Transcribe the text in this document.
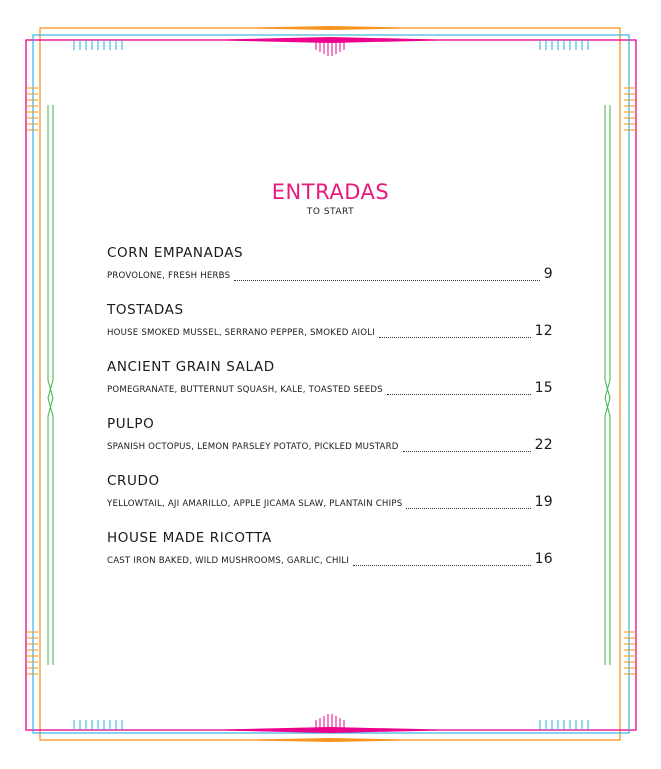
ENTRADAS
TO START
CORN EMPANADAS
PROVOLONE, FRESH HERBS	9
TOSTADAS
HOUSE SMOKED MUSSEL, SERRANO PEPPER, SMOKED AIOLI	12
ANCIENT GRAIN SALAD
POMEGRANATE, BUTTERNUT SQUASH, KALE, TOASTED SEEDS	15
PULPO
SPANISH OCTOPUS, LEMON PARSLEY POTATO, PICKLED MUSTARD	22
CRUDO
YELLOWTAIL, AJI AMARILLO, APPLE JICAMA SLAW, PLANTAIN CHIPS	19
HOUSE MADE RICOTTA
CAST IRON BAKED, WILD MUSHROOMS, GARLIC, CHILI	16
